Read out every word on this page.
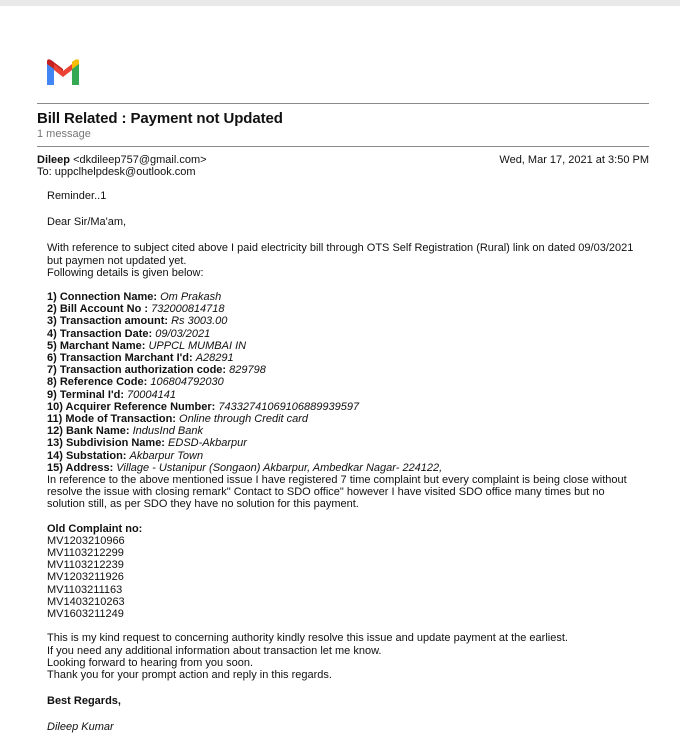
Bill Related : Payment not Updated
1 message
Dileep <dkdileep757@gmail.com>	Wed, Mar 17, 2021 at 3:50 PM
To: uppclhelpdesk@outlook.com
Reminder..1
Dear Sir/Ma'am,
With reference to subject cited above I paid electricity bill through OTS Self Registration (Rural) link on dated 09/03/2021
but paymen not updated yet.
Following details is given below:
1) Connection Name: Om Prakash
2) Bill Account No : 732000814718
3) Transaction amount: Rs 3003.00
4) Transaction Date: 09/03/2021
5) Marchant Name: UPPCL MUMBAI IN
6) Transaction Marchant I'd: A28291
7) Transaction authorization code: 829798
8) Reference Code: 106804792030
9) Terminal I'd: 70004141
10) Acquirer Reference Number: 74332741069106889939597
11) Mode of Transaction: Online through Credit card
12) Bank Name: IndusInd Bank
13) Subdivision Name: EDSD-Akbarpur
14) Substation: Akbarpur Town
15) Address: Village - Ustanipur (Songaon) Akbarpur, Ambedkar Nagar- 224122,
In reference to the above mentioned issue I have registered 7 time complaint but every complaint is being close without
resolve the issue with closing remark" Contact to SDO office" however I have visited SDO office many times but no
solution still, as per SDO they have no solution for this payment.
Old Complaint no:
MV1203210966
MV1103212299
MV1103212239
MV1203211926
MV1103211163
MV1403210263
MV1603211249
This is my kind request to concerning authority kindly resolve this issue and update payment at the earliest.
If you need any additional information about transaction let me know.
Looking forward to hearing from you soon.
Thank you for your prompt action and reply in this regards.
Best Regards,
Dileep Kumar
